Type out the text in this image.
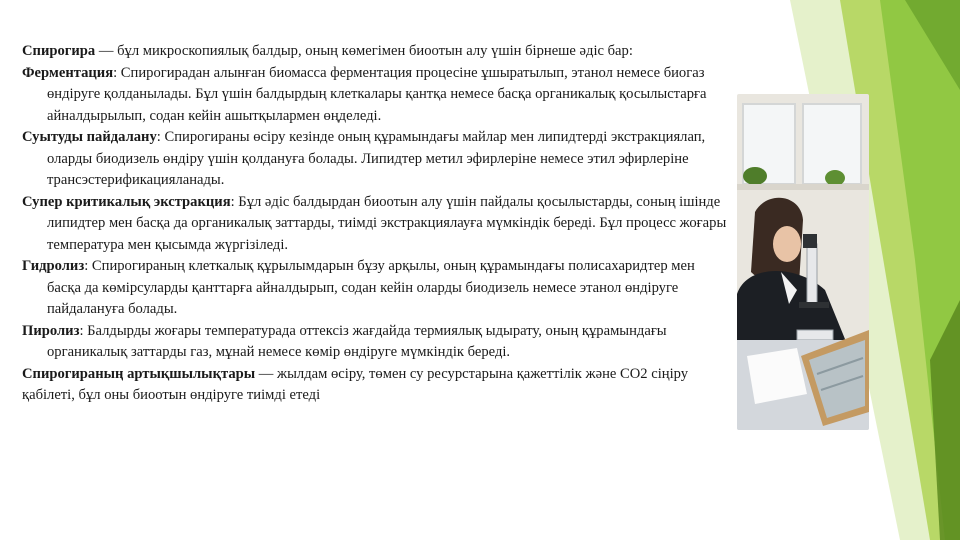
Спирогира — бұл микроскопиялық балдыр, оның көмегімен биоотын алу үшін бірнеше әдіс бар:

Ферментация: Спирогирадан алынған биомасса ферментация процесіне ұшыратылып, этанол немесе биогаз өндіруге қолданылады. Бұл үшін балдырдың клеткалары қантқа немесе басқа органикалық қосылыстарға айналдырылып, содан кейін ашытқылармен өңделеді.

Суытуды пайдалану: Спирогираны өсіру кезінде оның құрамындағы майлар мен липидтерді экстракциялап, оларды биодизель өндіру үшін қолдануға болады. Липидтер метил эфирлеріне немесе этил эфирлеріне трансэстерификацияланады.

Супер критикалық экстракция: Бұл әдіс балдырдан биоотын алу үшін пайдалы қосылыстарды, соның ішінде липидтер мен басқа да органикалық заттарды, тиімді экстракциялауға мүмкіндік береді. Бұл процесс жоғары температура мен қысымда жүргізіледі.

Гидролиз: Спирогираның клеткалық құрылымдарын бұзу арқылы, оның құрамындағы полисахаридтер мен басқа да көмірсуларды қанттарға айналдырып, содан кейін оларды биодизель немесе этанол өндіруге пайдалануға болады.

Пиролиз: Балдырды жоғары температурада оттексіз жағдайда термиялық ыдырату, оның құрамындағы органикалық заттарды газ, мұнай немесе көмір өндіруге мүмкіндік береді.

Спирогираның артықшылықтары — жылдам өсіру, төмен су ресурстарына қажеттілік және CO2 сіңіру қабілеті, бұл оны биоотын өндіруге тиімді етеді
